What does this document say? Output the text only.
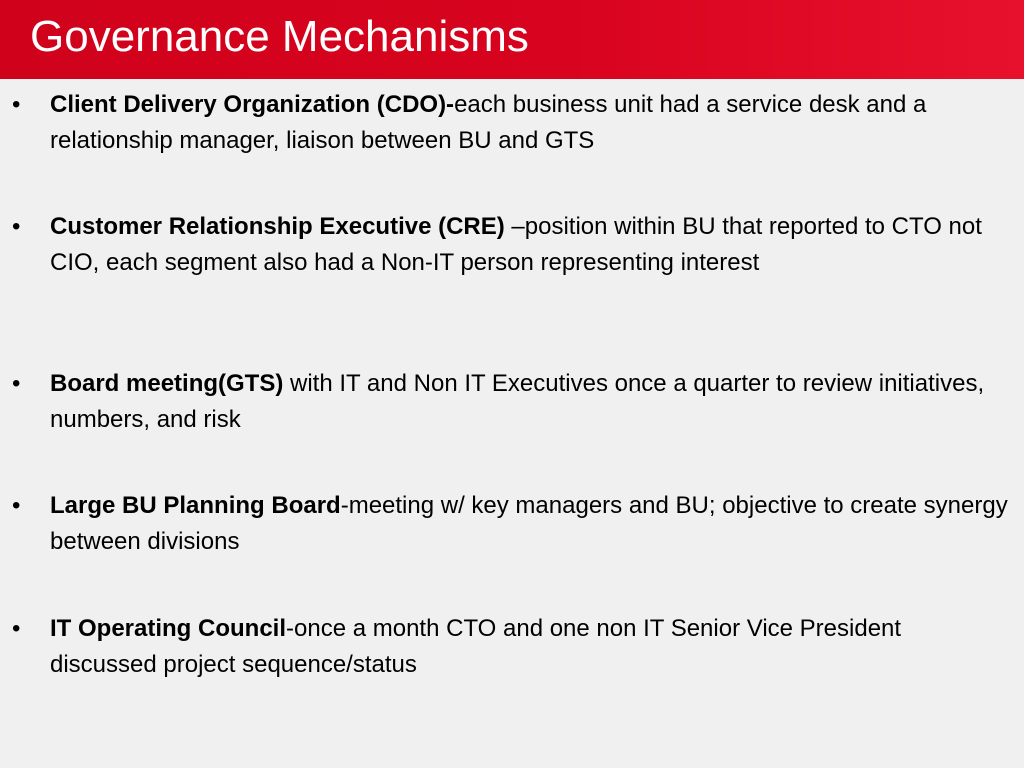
Governance Mechanisms
• Client Delivery Organization (CDO)-each business unit had a service desk and a relationship manager, liaison between BU and GTS
• Customer Relationship Executive (CRE) –position within BU that reported to CTO not CIO, each segment also had a Non-IT person representing interest
• Board meeting(GTS) with IT and Non IT Executives once a quarter to review initiatives, numbers, and risk
• Large BU Planning Board-meeting w/ key managers and BU; objective to create synergy between divisions
• IT Operating Council-once a month CTO and one non IT Senior Vice President discussed project sequence/status
